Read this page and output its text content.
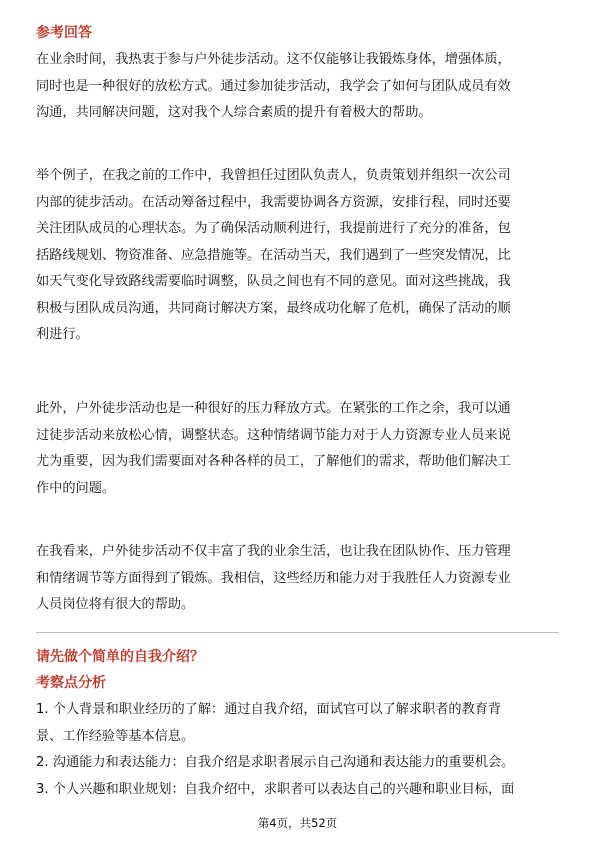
参考回答
在业余时间，我热衷于参与户外徒步活动。这不仅能够让我锻炼身体，增强体质，
同时也是一种很好的放松方式。通过参加徒步活动，我学会了如何与团队成员有效
沟通，共同解决问题，这对我个人综合素质的提升有着极大的帮助。
举个例子，在我之前的工作中，我曾担任过团队负责人，负责策划并组织一次公司
内部的徒步活动。在活动筹备过程中，我需要协调各方资源，安排行程，同时还要
关注团队成员的心理状态。为了确保活动顺利进行，我提前进行了充分的准备，包
括路线规划、物资准备、应急措施等。在活动当天，我们遇到了一些突发情况，比
如天气变化导致路线需要临时调整，队员之间也有不同的意见。面对这些挑战，我
积极与团队成员沟通，共同商讨解决方案，最终成功化解了危机，确保了活动的顺
利进行。
此外，户外徒步活动也是一种很好的压力释放方式。在紧张的工作之余，我可以通
过徒步活动来放松心情，调整状态。这种情绪调节能力对于人力资源专业人员来说
尤为重要，因为我们需要面对各种各样的员工，了解他们的需求，帮助他们解决工
作中的问题。
在我看来，户外徒步活动不仅丰富了我的业余生活，也让我在团队协作、压力管理
和情绪调节等方面得到了锻炼。我相信，这些经历和能力对于我胜任人力资源专业
人员岗位将有很大的帮助。
请先做个简单的自我介绍？
考察点分析
1. 个人背景和职业经历的了解：通过自我介绍，面试官可以了解求职者的教育背
景、工作经验等基本信息。
2. 沟通能力和表达能力：自我介绍是求职者展示自己沟通和表达能力的重要机会。
3. 个人兴趣和职业规划：自我介绍中，求职者可以表达自己的兴趣和职业目标，面
第4页，共52页
